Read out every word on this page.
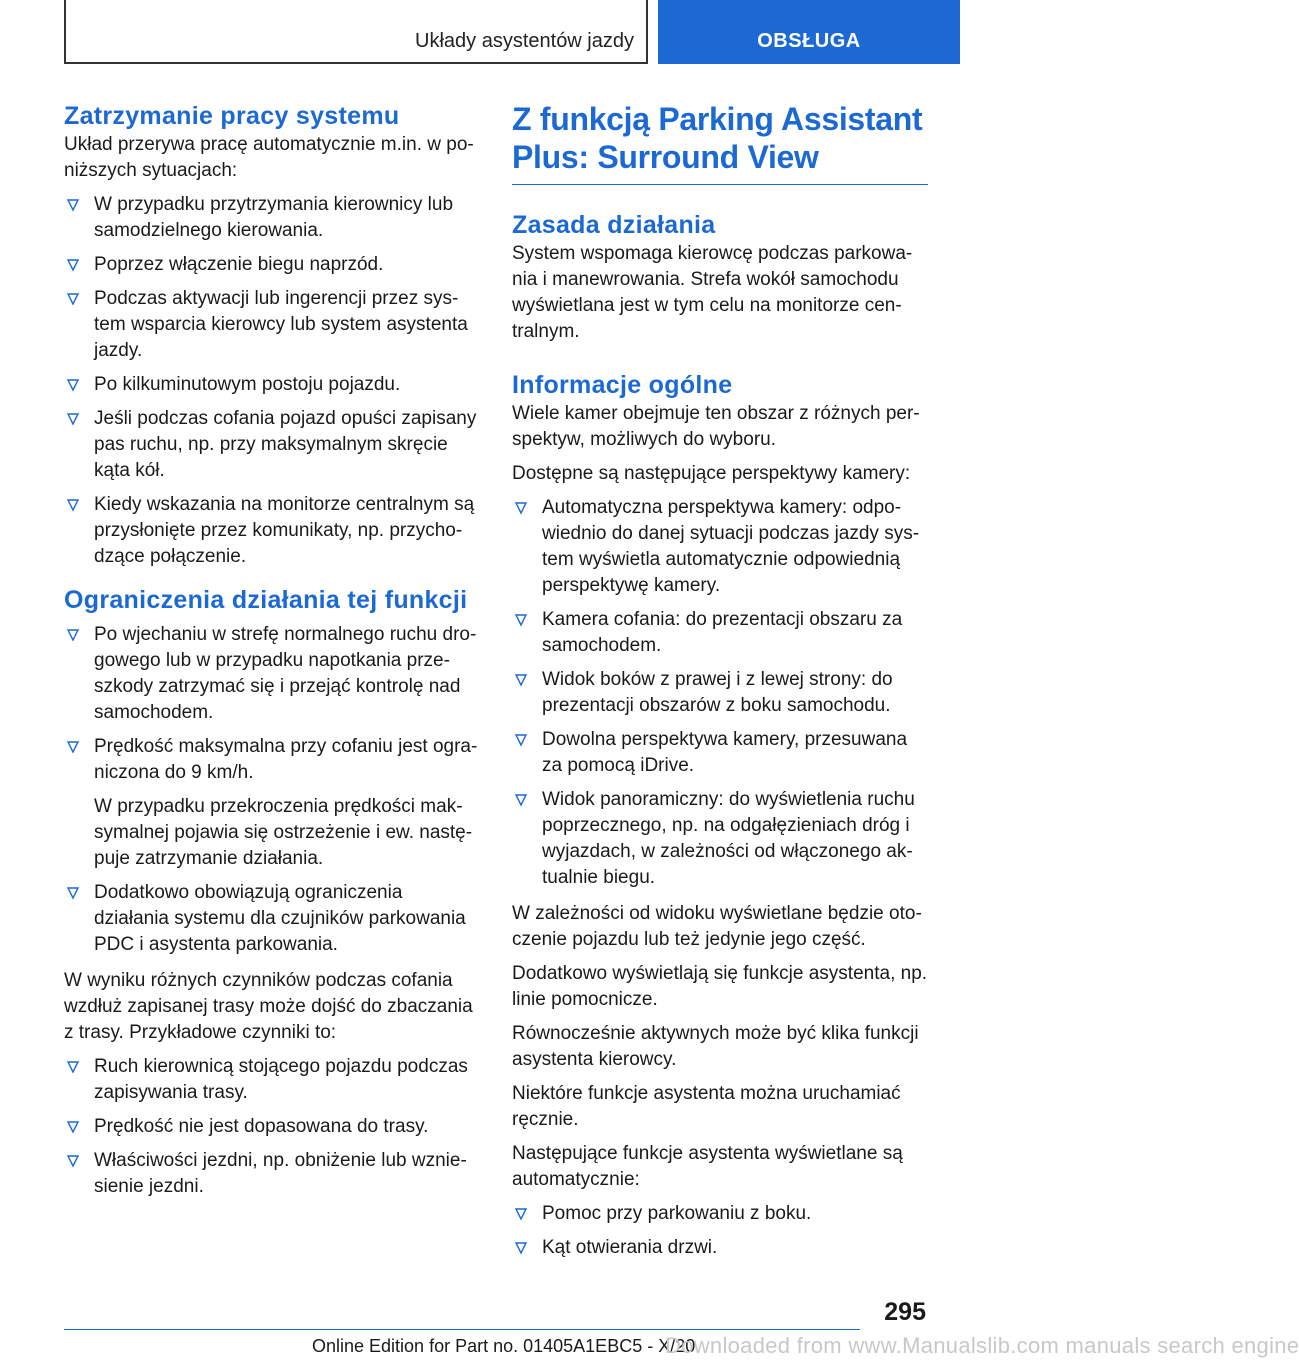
Układy asystentów jazdy	OBSŁUGA
Zatrzymanie pracy systemu

Układ przerywa pracę automatycznie m.in. w poniższych sytuacjach:

W przypadku przytrzymania kierownicy lub samodzielnego kierowania.
Poprzez włączenie biegu naprzód.
Podczas aktywacji lub ingerencji przez system wsparcia kierowcy lub system asystenta jazdy.
Po kilkuminutowym postoju pojazdu.
Jeśli podczas cofania pojazd opuści zapisany pas ruchu, np. przy maksymalnym skręcie kąta kół.
Kiedy wskazania na monitorze centralnym są przysłonięte przez komunikaty, np. przychodzące połączenie.
Ograniczenia działania tej funkcji
Po wjechaniu w strefę normalnego ruchu drogowego lub w przypadku napotkania przeszkody zatrzymać się i przejąć kontrolę nad samochodem.
Prędkość maksymalna przy cofaniu jest ograniczona do 9 km/h.
W przypadku przekroczenia prędkości maksymalnej pojawia się ostrzeżenie i ew. następuje zatrzymanie działania.
Dodatkowo obowiązują ograniczenia działania systemu dla czujników parkowania PDC i asystenta parkowania.

W wyniku różnych czynników podczas cofania wzdłuż zapisanej trasy może dojść do zbaczania z trasy. Przykładowe czynniki to:

Ruch kierownicą stojącego pojazdu podczas zapisywania trasy.
Prędkość nie jest dopasowana do trasy.
Właściwości jezdni, np. obniżenie lub wzniesienie jezdni.
Z funkcją Parking Assistant Plus: Surround View
Zasada działania

System wspomaga kierowcę podczas parkowania i manewrowania. Strefa wokół samochodu wyświetlana jest w tym celu na monitorze centralnym.

Informacje ogólne

Wiele kamer obejmuje ten obszar z różnych perspektyw, możliwych do wyboru.

Dostępne są następujące perspektywy kamery:

Automatyczna perspektywa kamery: odpowiednio do danej sytuacji podczas jazdy system wyświetla automatycznie odpowiednią perspektywę kamery.
Kamera cofania: do prezentacji obszaru za samochodem.
Widok boków z prawej i z lewej strony: do prezentacji obszarów z boku samochodu.
Dowolna perspektywa kamery, przesuwana za pomocą iDrive.
Widok panoramiczny: do wyświetlenia ruchu poprzecznego, np. na odgałęzieniach dróg i wyjazdach, w zależności od włączonego aktualnie biegu.

W zależności od widoku wyświetlane będzie otoczenie pojazdu lub też jedynie jego część.

Dodatkowo wyświetlają się funkcje asystenta, np. linie pomocnicze.

Równocześnie aktywnych może być klika funkcji asystenta kierowcy.

Niektóre funkcje asystenta można uruchamiać ręcznie.

Następujące funkcje asystenta wyświetlane są automatycznie:

Pomoc przy parkowaniu z boku.
Kąt otwierania drzwi.
295
Online Edition for Part no. 01405A1EBC5 - X/20
Downloaded from www.Manualslib.com manuals search engine
